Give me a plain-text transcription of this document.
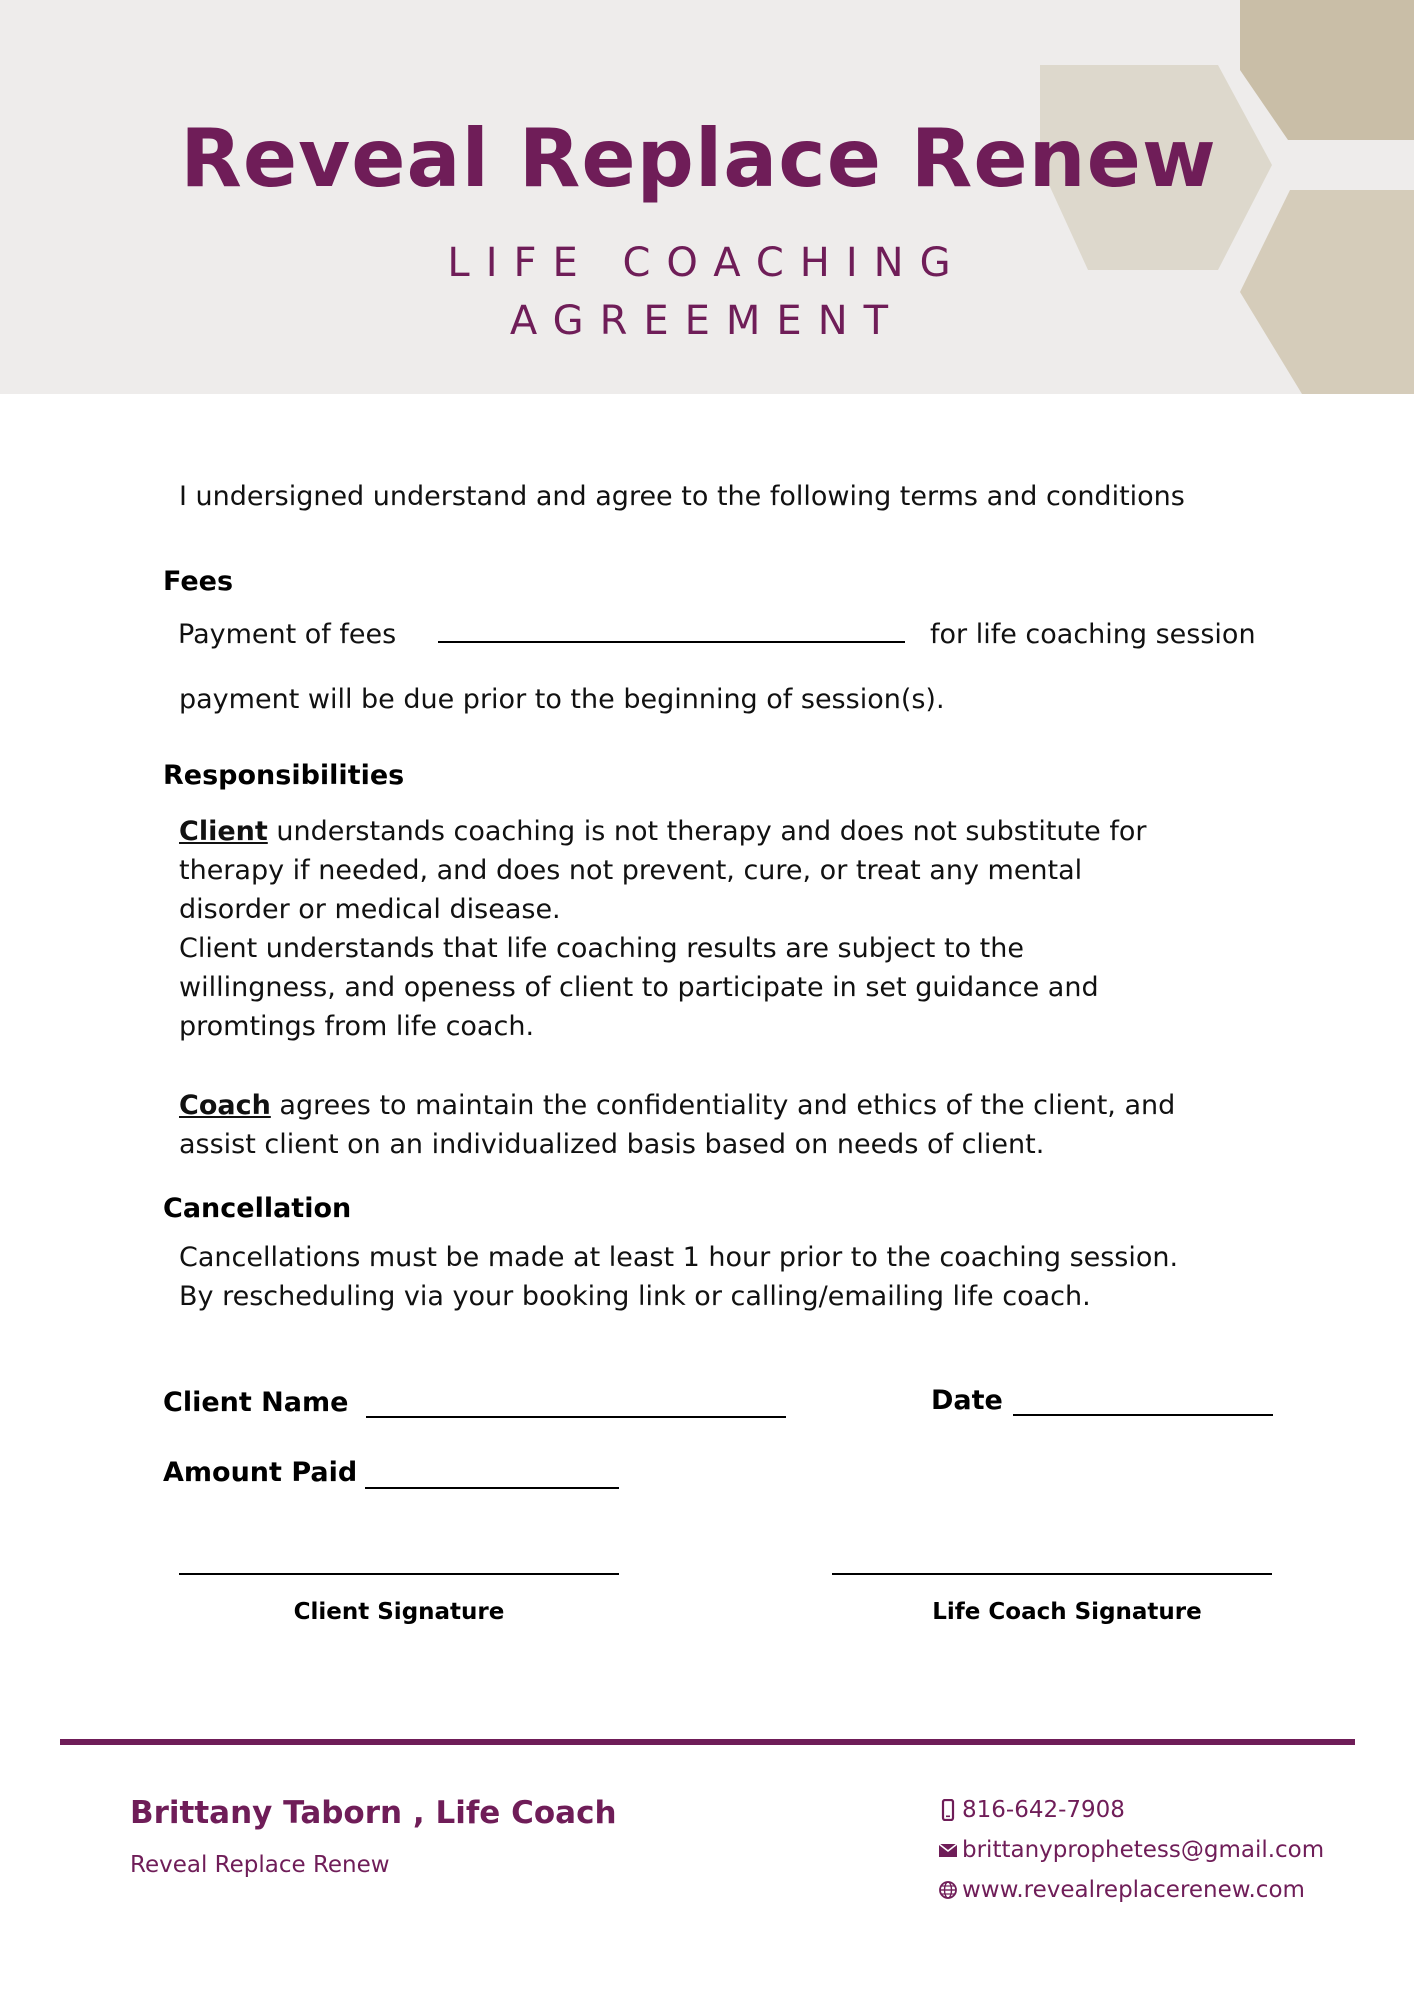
Reveal Replace Renew
LIFE COACHING
AGREEMENT
I undersigned understand and agree to the following terms and conditions
Fees
Payment of fees	for life coaching session
payment will be due prior to the beginning of session(s).
Responsibilities
Client understands coaching is not therapy and does not substitute for
therapy if needed, and does not prevent, cure, or treat any mental
disorder or medical disease.
Client understands that life coaching results are subject to the
willingness, and openess of client to participate in set guidance and
promtings from life coach.
Coach agrees to maintain the confidentiality and ethics of the client, and
assist client on an individualized basis based on needs of client.
Cancellation
Cancellations must be made at least 1 hour prior to the coaching session.
By rescheduling via your booking link or calling/emailing life coach.
Client Name	Date
Amount Paid
Client Signature	Life Coach Signature
Brittany Taborn , Life Coach
Reveal Replace Renew
816-642-7908
brittanyprophetess@gmail.com
www.revealreplacerenew.com
